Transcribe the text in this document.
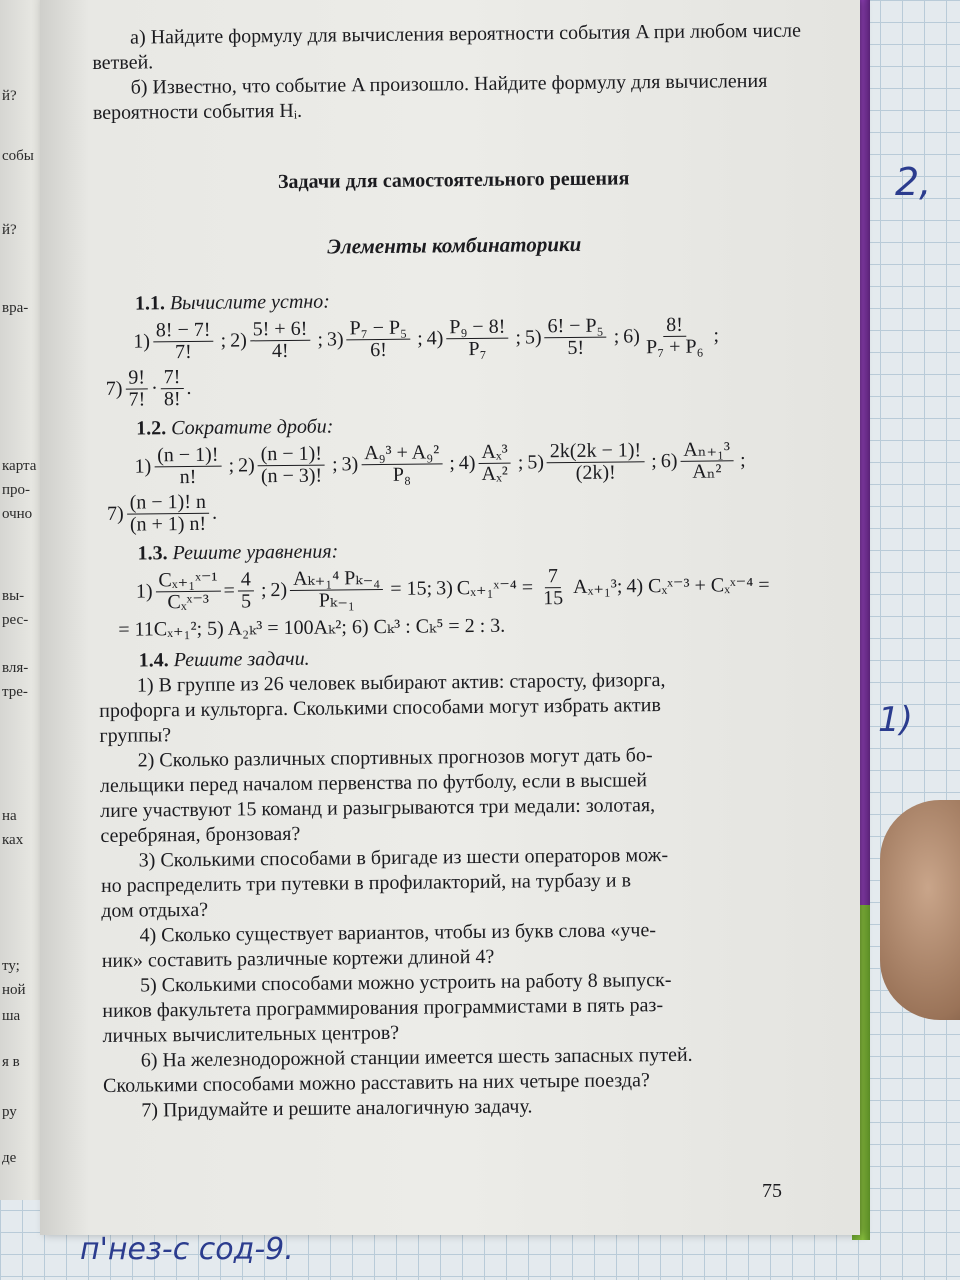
й?
собы
й?
вра-
карта
про-
очно
вы-
рес-
вля-
тре-
на
ках
ту;
ной
ша
я в
ру
де

а) Найдите формулу для вычисления вероятности события A при любом числе ветвей.

б) Известно, что событие A произошло. Найдите формулу для вычисления вероятности события Hᵢ.

Задачи для самостоятельного решения

Элементы комбинаторики

1.1. Вычислите устно:

$1) \frac{8! - 7!}{7!}$ ; $2) \frac{5! + 6!}{4!}$ ; $3) \frac{\text{P₇ − P₅}}{6!}$ ; $4) \frac{\text{P₉ − 8!}}{\text{P₇}}$ ; $5) \frac{\text{6! − P₅}}{5!}$ ; $6) \frac{8!}{\text{P₇ + P₆}}$ ;
$7) \frac{9!}{7!} \cdot \frac{7!}{8!}$ .

1.2. Сократите дроби:

$1) \frac{(n - 1)!}{n!}$ ; $2) \frac{(n - 1)!}{(n - 3)!}$ ; $3) \frac{\text{A₉³ + A₉²}}{\text{P₈}}$ ; $4) \frac{\text{Aₓ³}}{\text{Aₓ²}}$ ; $5) \frac{2k(2k - 1)!}{(2k)!}$ ; $6) \frac{\text{Aₙ₊₁³}}{\text{Aₙ²}}$ ;
$7) \frac{(n - 1)! n}{(n + 1) n!}$ .

1.3. Решите уравнения:

$1) \frac{\text{Cₓ₊₁ˣ⁻¹}}{\text{Cₓˣ⁻³}} = \frac{4}{5}$ ; $2) \frac{\text{Aₖ₊₁⁴ Pₖ₋₄}}{\text{Pₖ₋₁}} = 15$; 3) Cₓ₊₁ˣ⁻⁴ = $\frac{7}{15} A_{x+1}^3$; 4) Cₓˣ⁻³ + Cₓˣ⁻⁴ =

= 11Cₓ₊₁²; 5) A₂ₖ³ = 100Aₖ²; 6) Cₖ³ : Cₖ⁵ = 2 : 3.

1.4. Решите задачи.

1) В группе из 26 человек выбирают актив: старосту, физорга,

профорга и культорга. Сколькими способами могут избрать актив

группы?

2) Сколько различных спортивных прогнозов могут дать бо-

лельщики перед началом первенства по футболу, если в высшей

лиге участвуют 15 команд и разыгрываются три медали: золотая,

серебряная, бронзовая?

3) Сколькими способами в бригаде из шести операторов мож-

но распределить три путевки в профилакторий, на турбазу и в

дом отдыха?

4) Сколько существует вариантов, чтобы из букв слова «уче-

ник» составить различные кортежи длиной 4?

5) Сколькими способами можно устроить на работу 8 выпуск-

ников факультета программирования программистами в пять раз-

личных вычислительных центров?

6) На железнодорожной станции имеется шесть запасных путей.

Сколькими способами можно расставить на них четыре поезда?

7) Придумайте и решите аналогичную задачу.

75
2,
1)
п'нез-с сод-9.
